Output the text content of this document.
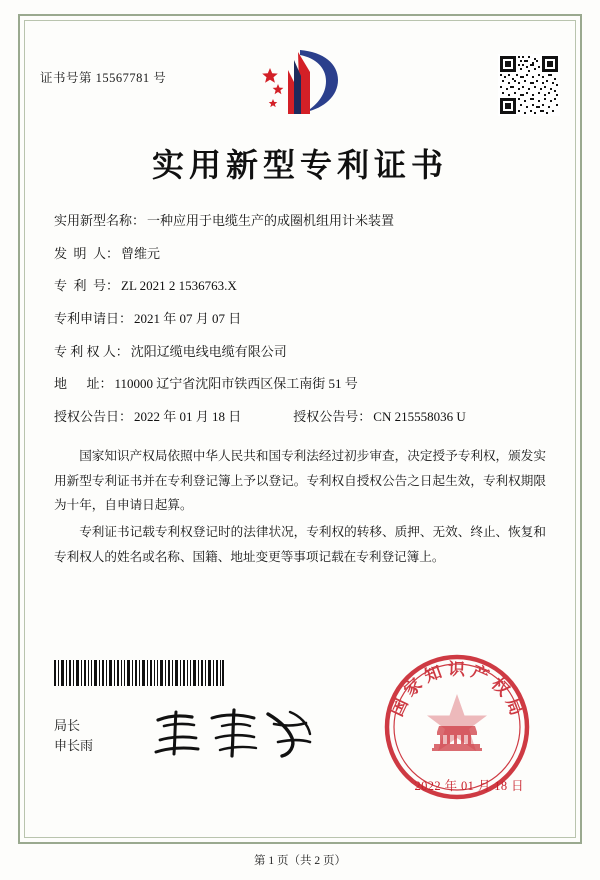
证书号第 15567781 号
实用新型专利证书
实用新型名称： 一种应用于电缆生产的成圈机组用计米装置
发  明  人： 曾维元
专  利  号： ZL 2021 2 1536763.X
专利申请日： 2021 年 07 月 07 日
专 利 权 人： 沈阳辽缆电线电缆有限公司
地      址： 110000 辽宁省沈阳市铁西区保工南街 51 号
授权公告日： 2022 年 01 月 18 日	授权公告号： CN 215558036 U

国家知识产权局依照中华人民共和国专利法经过初步审查，决定授予专利权，颁发实用新型专利证书并在专利登记簿上予以登记。专利权自授权公告之日起生效，专利权期限为十年，自申请日起算。

专利证书记载专利权登记时的法律状况，专利权的转移、质押、无效、终止、恢复和专利权人的姓名或名称、国籍、地址变更等事项记载在专利登记簿上。

局长
申长雨
国家知识产权局
2022 年 01 月 18 日
第 1 页（共 2 页）
